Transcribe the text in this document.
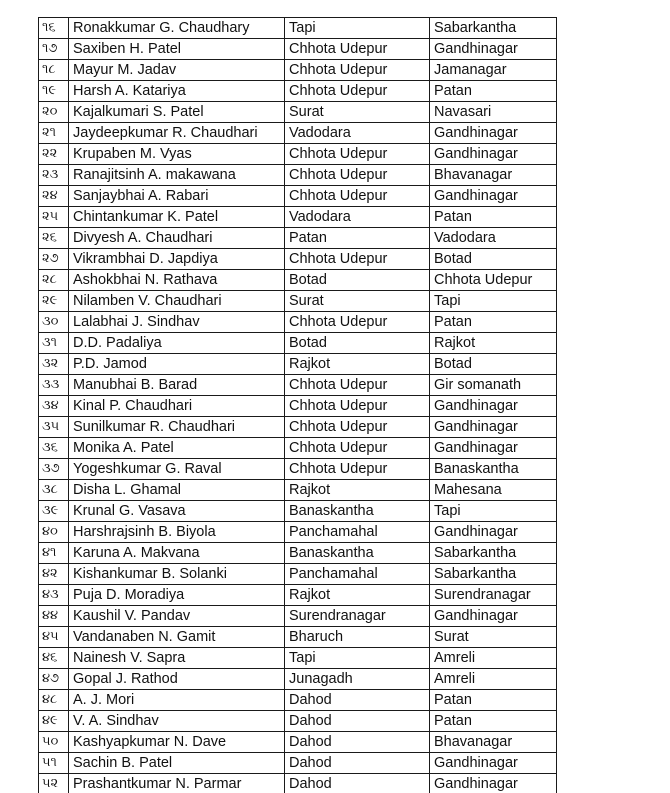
૧૬	Ronakkumar G. Chaudhary	Tapi	Sabarkantha
૧૭	Saxiben H. Patel	Chhota Udepur	Gandhinagar
૧૮	Mayur M. Jadav	Chhota Udepur	Jamanagar
૧૯	Harsh A. Katariya	Chhota Udepur	Patan
૨૦	Kajalkumari S. Patel	Surat	Navasari
૨૧	Jaydeepkumar R. Chaudhari	Vadodara	Gandhinagar
૨૨	Krupaben M. Vyas	Chhota Udepur	Gandhinagar
૨૩	Ranajitsinh A. makawana	Chhota Udepur	Bhavanagar
૨૪	Sanjaybhai A. Rabari	Chhota Udepur	Gandhinagar
૨૫	Chintankumar K. Patel	Vadodara	Patan
૨૬	Divyesh A. Chaudhari	Patan	Vadodara
૨૭	Vikrambhai D. Japdiya	Chhota Udepur	Botad
૨૮	Ashokbhai N. Rathava	Botad	Chhota Udepur
૨૯	Nilamben V. Chaudhari	Surat	Tapi
૩૦	Lalabhai J. Sindhav	Chhota Udepur	Patan
૩૧	D.D. Padaliya	Botad	Rajkot
૩૨	P.D. Jamod	Rajkot	Botad
૩૩	Manubhai B. Barad	Chhota Udepur	Gir somanath
૩૪	Kinal P. Chaudhari	Chhota Udepur	Gandhinagar
૩૫	Sunilkumar R. Chaudhari	Chhota Udepur	Gandhinagar
૩૬	Monika A. Patel	Chhota Udepur	Gandhinagar
૩૭	Yogeshkumar G. Raval	Chhota Udepur	Banaskantha
૩૮	Disha L. Ghamal	Rajkot	Mahesana
૩૯	Krunal G. Vasava	Banaskantha	Tapi
૪૦	Harshrajsinh B. Biyola	Panchamahal	Gandhinagar
૪૧	Karuna A. Makvana	Banaskantha	Sabarkantha
૪૨	Kishankumar B. Solanki	Panchamahal	Sabarkantha
૪૩	Puja D. Moradiya	Rajkot	Surendranagar
૪૪	Kaushil V. Pandav	Surendranagar	Gandhinagar
૪૫	Vandanaben N. Gamit	Bharuch	Surat
૪૬	Nainesh V. Sapra	Tapi	Amreli
૪૭	Gopal J. Rathod	Junagadh	Amreli
૪૮	A. J. Mori	Dahod	Patan
૪૯	V. A. Sindhav	Dahod	Patan
૫૦	Kashyapkumar N. Dave	Dahod	Bhavanagar
૫૧	Sachin B. Patel	Dahod	Gandhinagar
૫૨	Prashantkumar N. Parmar	Dahod	Gandhinagar
